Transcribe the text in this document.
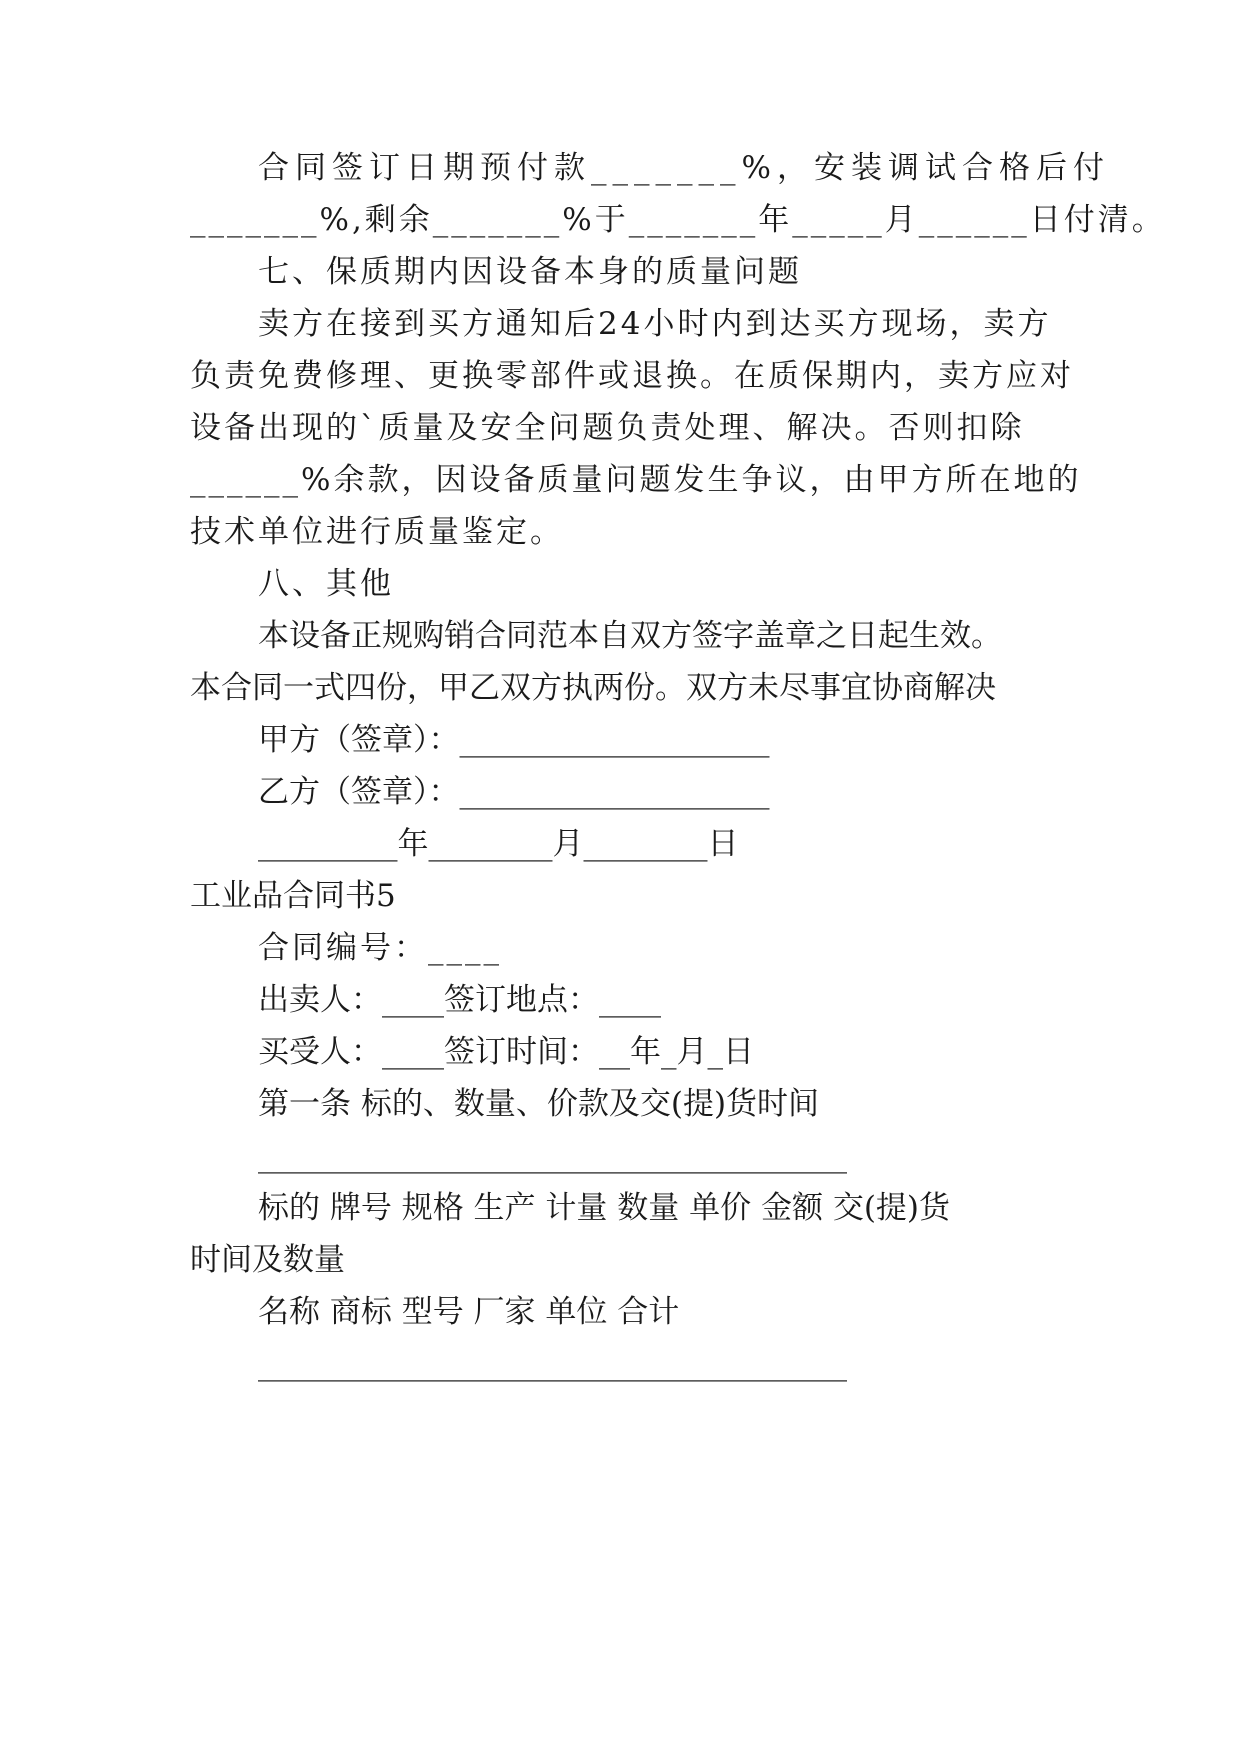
合同签订日期预付款_______%，安装调试合格后付

_______%,剩余_______%于_______年_____月______日付清。

七、保质期内因设备本身的质量问题

卖方在接到买方通知后24小时内到达买方现场，卖方

负责免费修理、更换零部件或退换。在质保期内，卖方应对

设备出现的`质量及安全问题负责处理、解决。否则扣除

______%余款，因设备质量问题发生争议，由甲方所在地的

技术单位进行质量鉴定。

八、其他

本设备正规购销合同范本自双方签字盖章之日起生效。

本合同一式四份，甲乙双方执两份。双方未尽事宜协商解决

甲方（签章）：____________________

乙方（签章）：____________________

_________年________月________日

工业品合同书5

合同编号：____

出卖人：____签订地点：____

买受人：____签订时间：__年_月_日

第一条 标的、数量、价款及交(提)货时间

______________________________________

标的 牌号 规格 生产 计量 数量 单价 金额 交(提)货

时间及数量

名称 商标 型号 厂家 单位 合计

______________________________________
